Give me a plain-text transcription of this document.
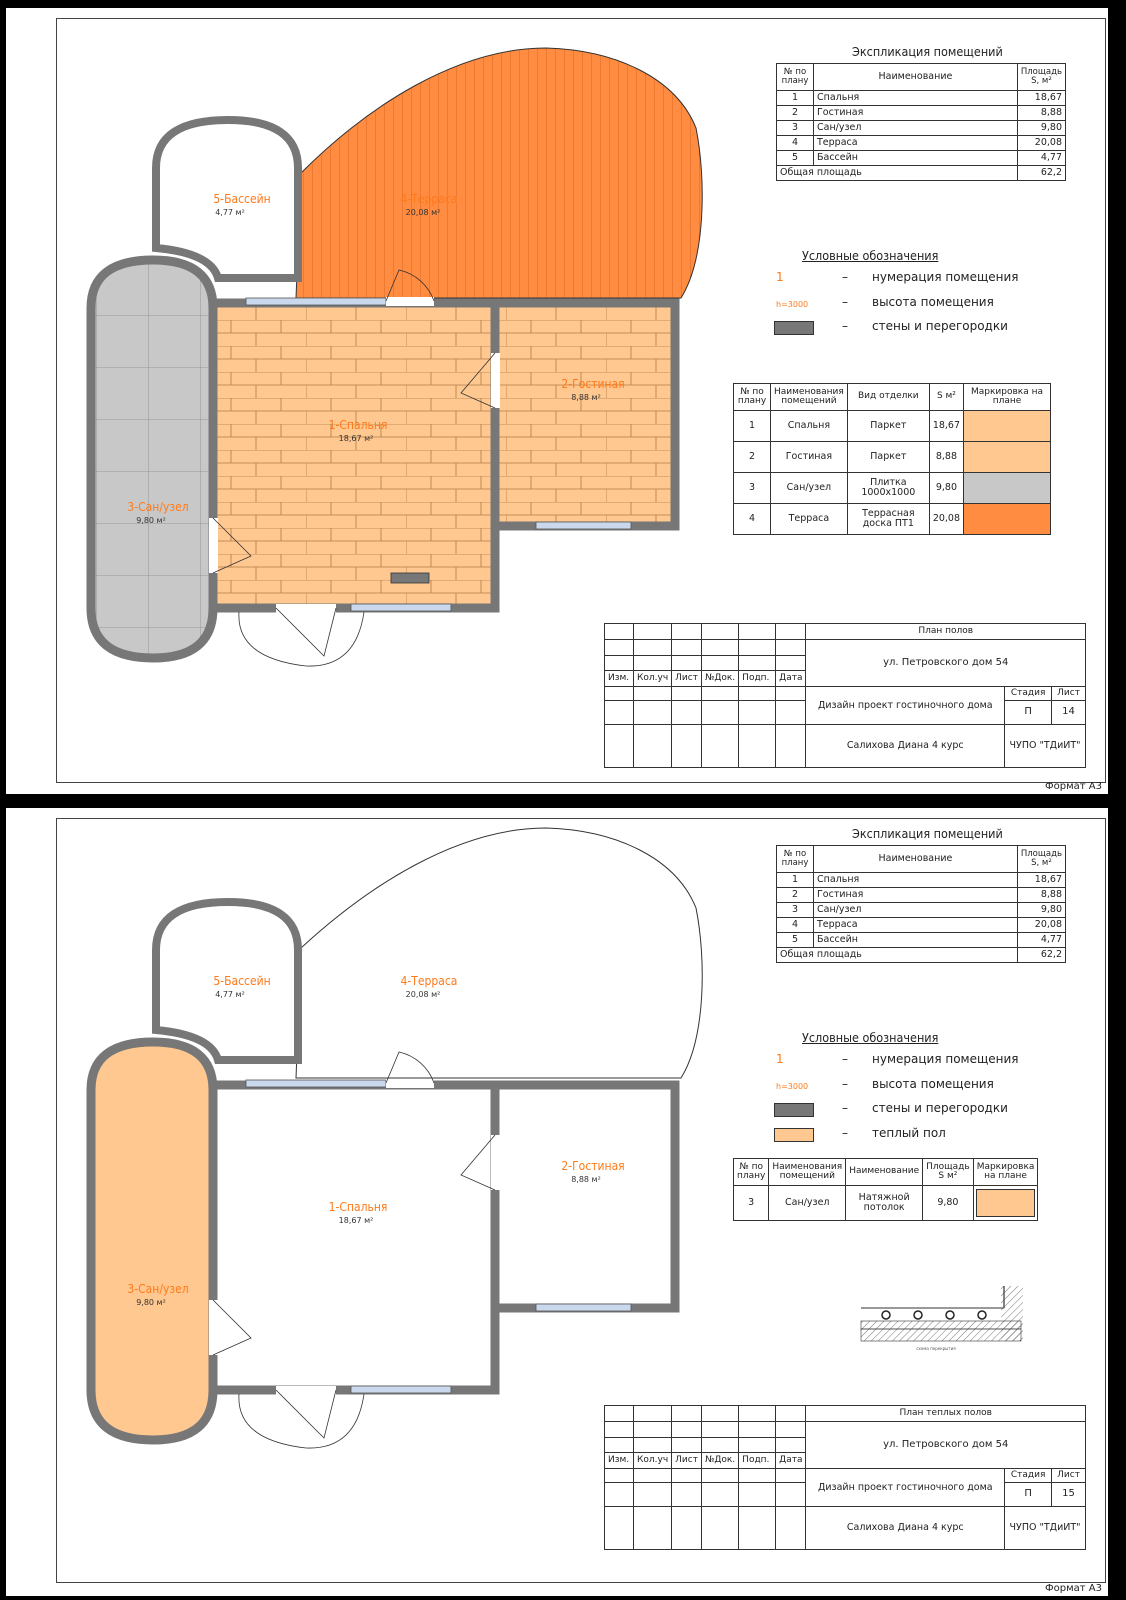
5-Бассейн
4,77 м²
4-Терраса
20,08 м²
1-Спальня
18,67 м²
2-Гостиная
8,88 м²
3-Сан/узел
9,80 м²
Экспликация помещений
№ по плану	Наименование	Площадь S, м²
1	Спальня	18,67
2	Гостиная	8,88
3	Сан/узел	9,80
4	Терраса	20,08
5	Бассейн	4,77
Общая площадь		62,2
Условные обозначения
1	– нумерация помещения
h=3000	– высота помещения
– стены и перегородки
№ по плану	Наименования помещений	Вид отделки	S м²	Маркировка на плане
1	Спальня	Паркет	18,67	
2	Гостиная	Паркет	8,88	
3	Сан/узел	Плитка 1000х1000	9,80	
4	Терраса	Террасная доска ПТ1	20,08	
						План полов		
						ул. Петровского дом 54		

Изм.	Кол.уч	Лист	№Док.	Подп.	Дата			
						Дизайн проект гостиночного дома	Стадия	Лист
							П	14
						Салихова Диана 4 курс	ЧУПО "ТДиИТ"	
Формат А3
5-Бассейн
4,77 м²
4-Терраса
20,08 м²
1-Спальня
18,67 м²
2-Гостиная
8,88 м²
3-Сан/узел
9,80 м²
Экспликация помещений
№ по плану	Наименование	Площадь S, м²
1	Спальня	18,67
2	Гостиная	8,88
3	Сан/узел	9,80
4	Терраса	20,08
5	Бассейн	4,77
Общая площадь		62,2
Условные обозначения
1	– нумерация помещения
h=3000	– высота помещения
– стены и перегородки
– теплый пол
№ по плану	Наименования помещений	Наименование	Площадь S м²	Маркировка на плане
3	Сан/узел	Натяжной потолок	9,80	
схема перекрытия
						План теплых полов		
						ул. Петровского дом 54		

Изм.	Кол.уч	Лист	№Док.	Подп.	Дата			
						Дизайн проект гостиночного дома	Стадия	Лист
							П	15
						Салихова Диана 4 курс	ЧУПО "ТДиИТ"	
Формат А3
